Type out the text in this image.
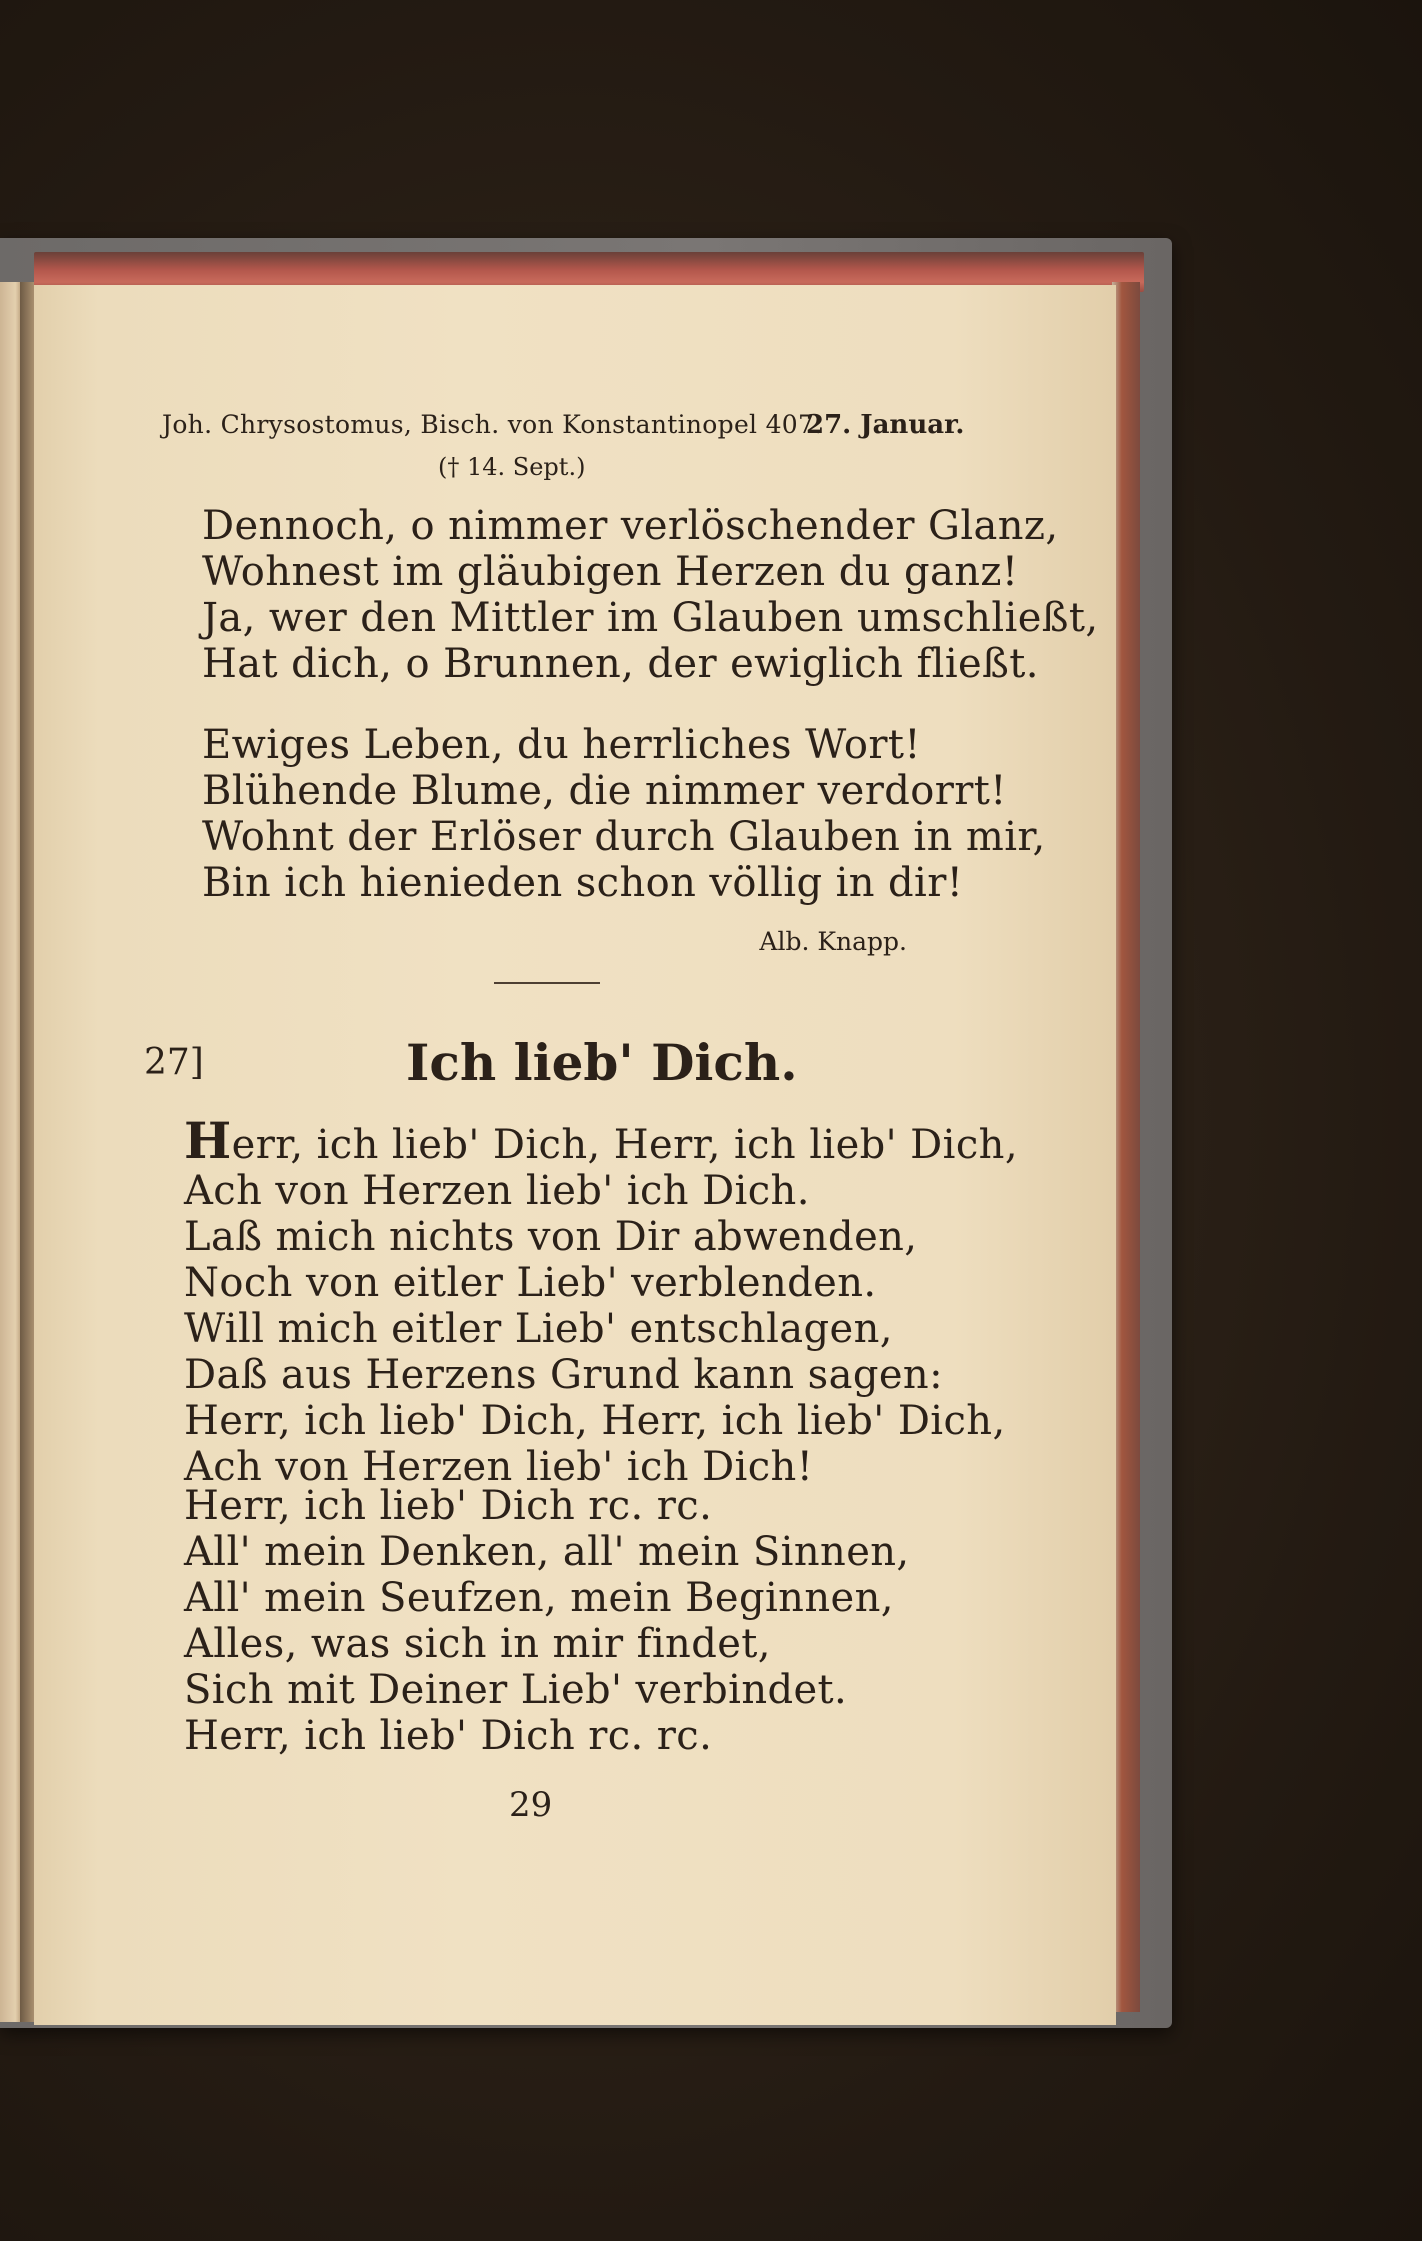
Joh. Chrysostomus, Bisch. von Konstantinopel 407.
27. Januar.
(† 14. Sept.)
Dennoch, o nimmer verlöschender Glanz,
Wohnest im gläubigen Herzen du ganz!
Ja, wer den Mittler im Glauben umschließt,
Hat dich, o Brunnen, der ewiglich fließt.
Ewiges Leben, du herrliches Wort!
Blühende Blume, die nimmer verdorrt!
Wohnt der Erlöser durch Glauben in mir,
Bin ich hienieden schon völlig in dir!
Alb. Knapp.
27]	Ich lieb' Dich.
Herr, ich lieb' Dich, Herr, ich lieb' Dich,
Ach von Herzen lieb' ich Dich.
Laß mich nichts von Dir abwenden,
Noch von eitler Lieb' verblenden.
Will mich eitler Lieb' entschlagen,
Daß aus Herzens Grund kann sagen:
Herr, ich lieb' Dich, Herr, ich lieb' Dich,
Ach von Herzen lieb' ich Dich!
Herr, ich lieb' Dich rc. rc.
All' mein Denken, all' mein Sinnen,
All' mein Seufzen, mein Beginnen,
Alles, was sich in mir findet,
Sich mit Deiner Lieb' verbindet.
Herr, ich lieb' Dich rc. rc.
29
